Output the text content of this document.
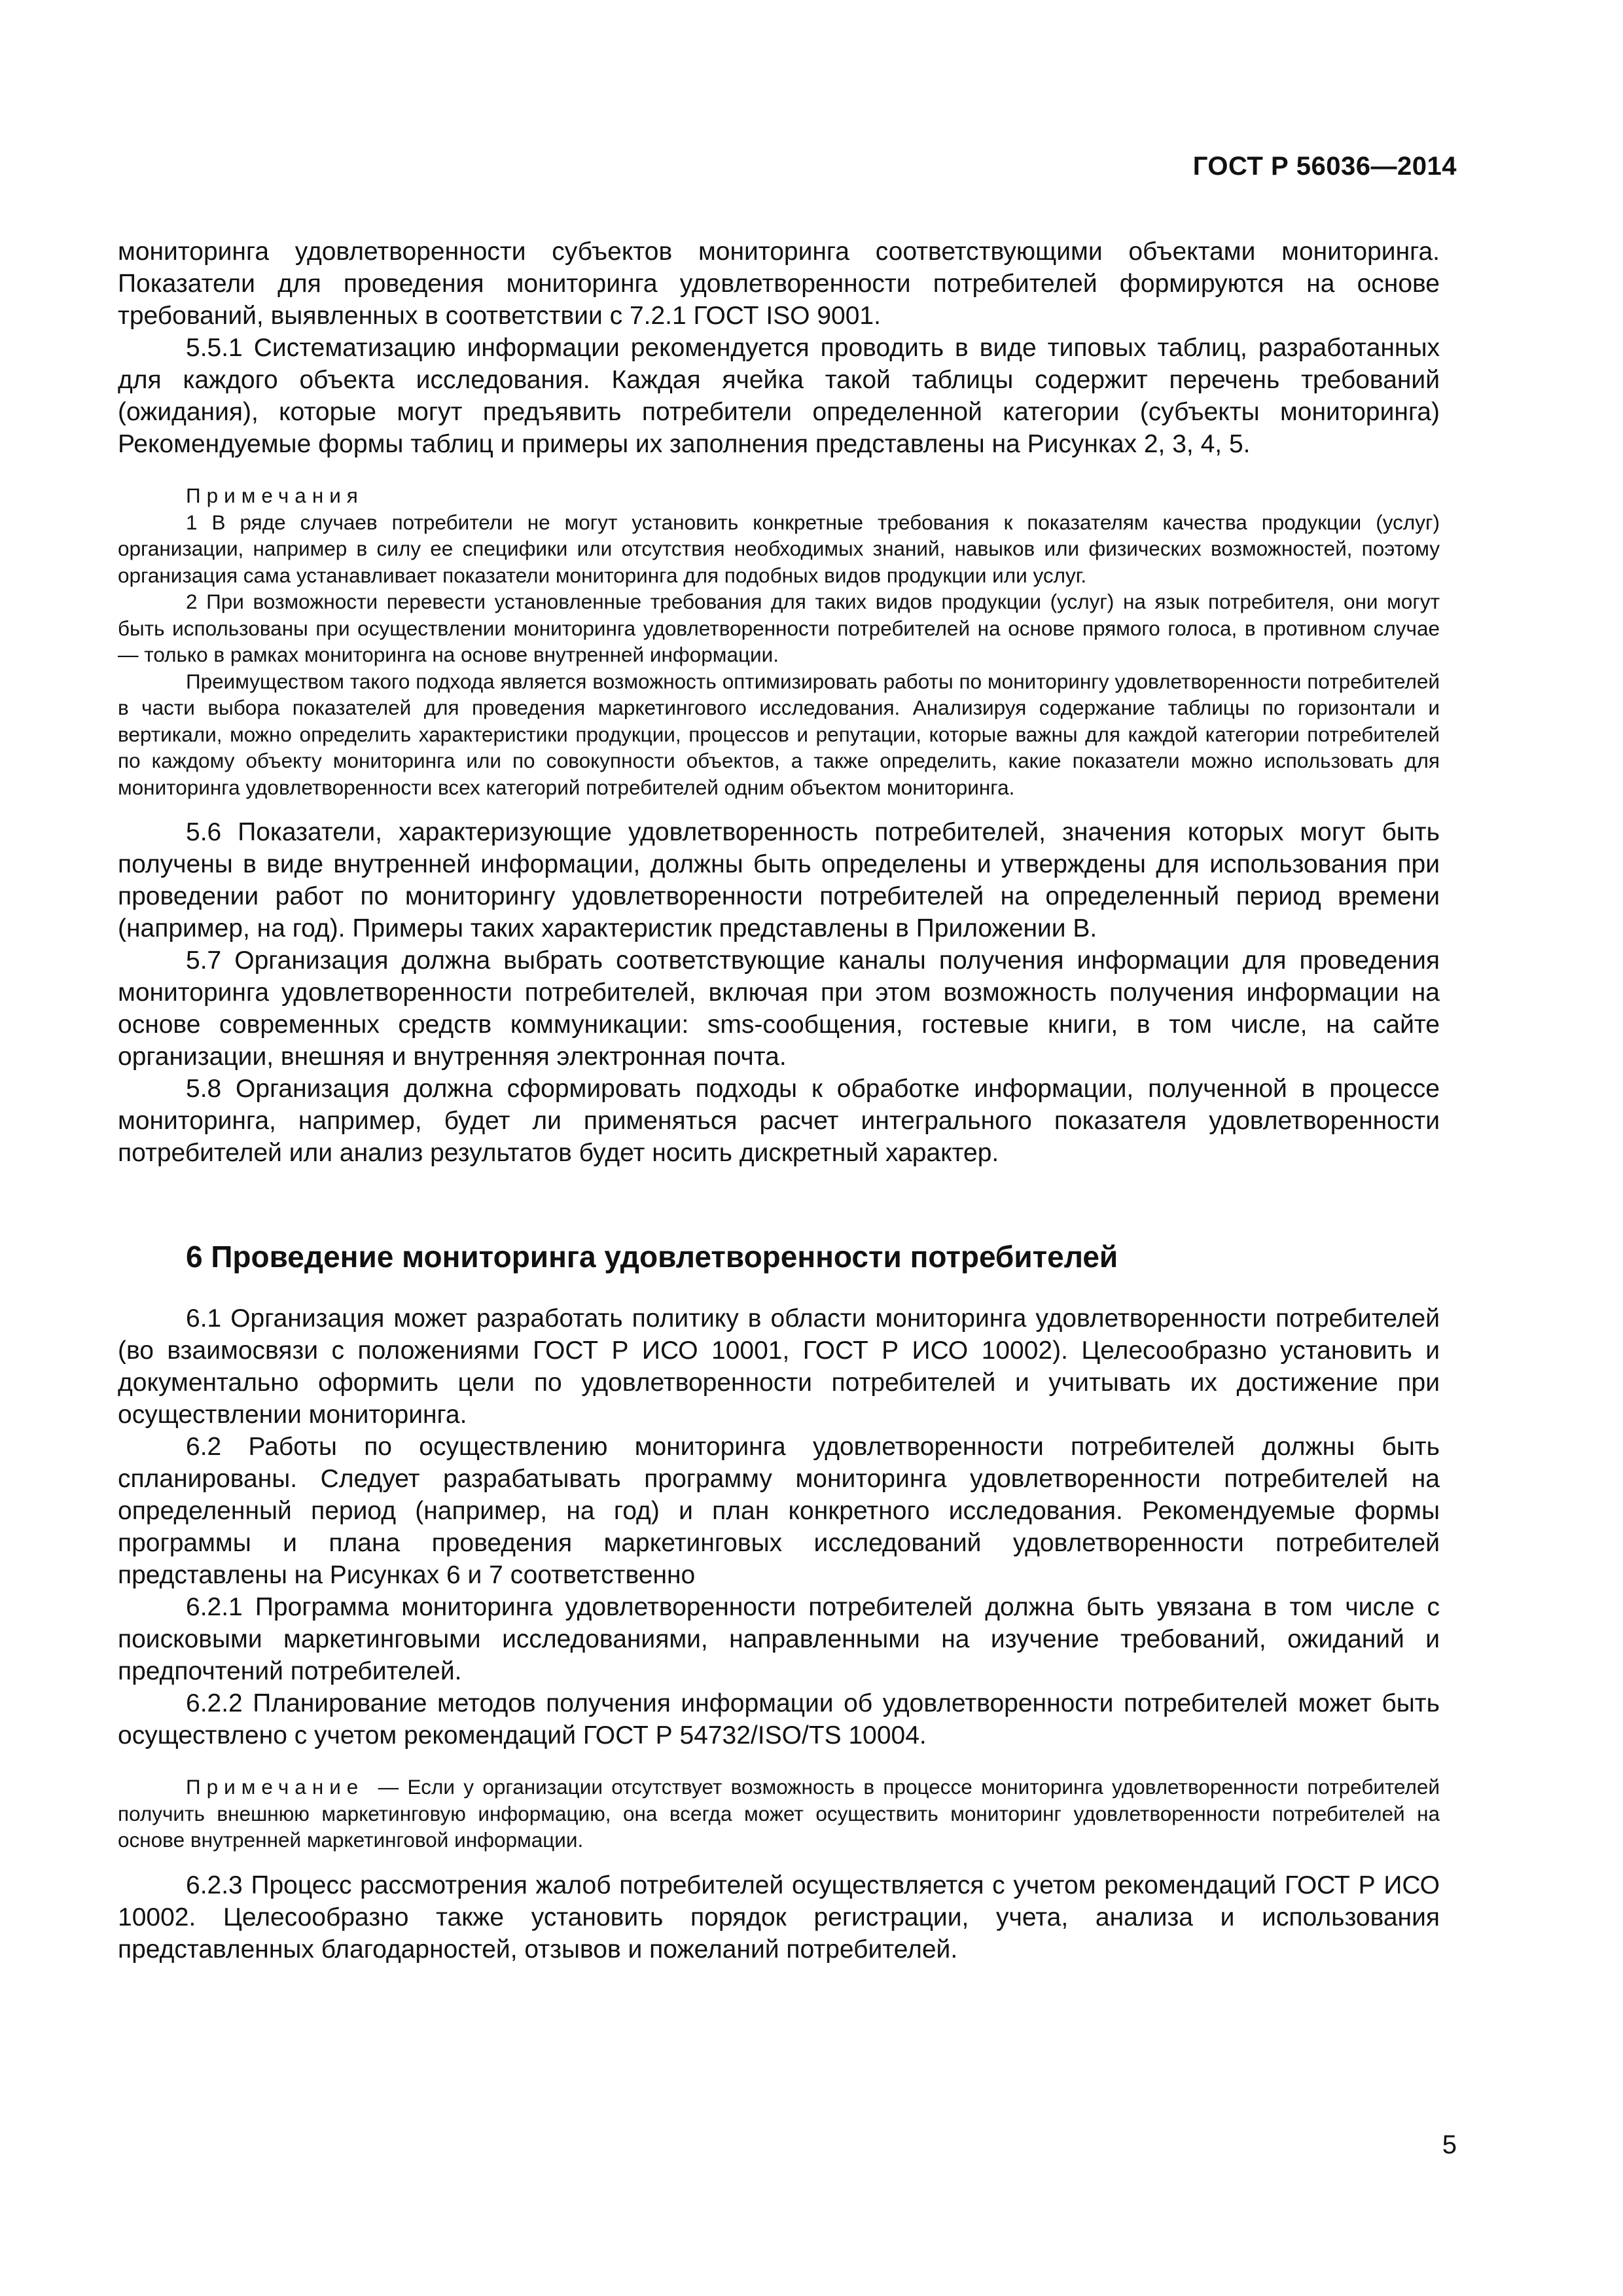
ГОСТ Р 56036—2014

мониторинга удовлетворенности субъектов мониторинга соответствующими объектами мониторинга. Показатели для проведения мониторинга удовлетворенности потребителей формируются на основе требований, выявленных в соответствии с 7.2.1 ГОСТ ISO 9001.

5.5.1 Систематизацию информации рекомендуется проводить в виде типовых таблиц, разработанных для каждого объекта исследования. Каждая ячейка такой таблицы содержит перечень требований (ожидания), которые могут предъявить потребители определенной категории (субъекты мониторинга) Рекомендуемые формы таблиц и примеры их заполнения представлены на Рисунках 2, 3, 4, 5.

Примечания

1 В ряде случаев потребители не могут установить конкретные требования к показателям качества продукции (услуг) организации, например в силу ее специфики или отсутствия необходимых знаний, навыков или физических возможностей, поэтому организация сама устанавливает показатели мониторинга для подобных видов продукции или услуг.

2 При возможности перевести установленные требования для таких видов продукции (услуг) на язык потребителя, они могут быть использованы при осуществлении мониторинга удовлетворенности потребителей на основе прямого голоса, в противном случае — только в рамках мониторинга на основе внутренней информации.

Преимуществом такого подхода является возможность оптимизировать работы по мониторингу удовлетворенности потребителей в части выбора показателей для проведения маркетингового исследования. Анализируя содержание таблицы по горизонтали и вертикали, можно определить характеристики продукции, процессов и репутации, которые важны для каждой категории потребителей по каждому объекту мониторинга или по совокупности объектов, а также определить, какие показатели можно использовать для мониторинга удовлетворенности всех категорий потребителей одним объектом мониторинга.

5.6 Показатели, характеризующие удовлетворенность потребителей, значения которых могут быть получены в виде внутренней информации, должны быть определены и утверждены для использования при проведении работ по мониторингу удовлетворенности потребителей на определенный период времени (например, на год). Примеры таких характеристик представлены в Приложении В.

5.7 Организация должна выбрать соответствующие каналы получения информации для проведения мониторинга удовлетворенности потребителей, включая при этом возможность получения информации на основе современных средств коммуникации: sms-сообщения, гостевые книги, в том числе, на сайте организации, внешняя и внутренняя электронная почта.

5.8 Организация должна сформировать подходы к обработке информации, полученной в процессе мониторинга, например, будет ли применяться расчет интегрального показателя удовлетворенности потребителей или анализ результатов будет носить дискретный характер.

6 Проведение мониторинга удовлетворенности потребителей

6.1 Организация может разработать политику в области мониторинга удовлетворенности потребителей (во взаимосвязи с положениями ГОСТ Р ИСО 10001, ГОСТ Р ИСО 10002). Целесообразно установить и документально оформить цели по удовлетворенности потребителей и учитывать их достижение при осуществлении мониторинга.

6.2 Работы по осуществлению мониторинга удовлетворенности потребителей должны быть спланированы. Следует разрабатывать программу мониторинга удовлетворенности потребителей на определенный период (например, на год) и план конкретного исследования. Рекомендуемые формы программы и плана проведения маркетинговых исследований удовлетворенности потребителей представлены на Рисунках 6 и 7 соответственно

6.2.1 Программа мониторинга удовлетворенности потребителей должна быть увязана в том числе с поисковыми маркетинговыми исследованиями, направленными на изучение требований, ожиданий и предпочтений потребителей.

6.2.2 Планирование методов получения информации об удовлетворенности потребителей может быть осуществлено с учетом рекомендаций ГОСТ Р 54732/ISO/TS 10004.

Примечание — Если у организации отсутствует возможность в процессе мониторинга удовлетворенности потребителей получить внешнюю маркетинговую информацию, она всегда может осуществить мониторинг удовлетворенности потребителей на основе внутренней маркетинговой информации.

6.2.3 Процесс рассмотрения жалоб потребителей осуществляется с учетом рекомендаций ГОСТ Р ИСО 10002. Целесообразно также установить порядок регистрации, учета, анализа и использования представленных благодарностей, отзывов и пожеланий потребителей.

5
